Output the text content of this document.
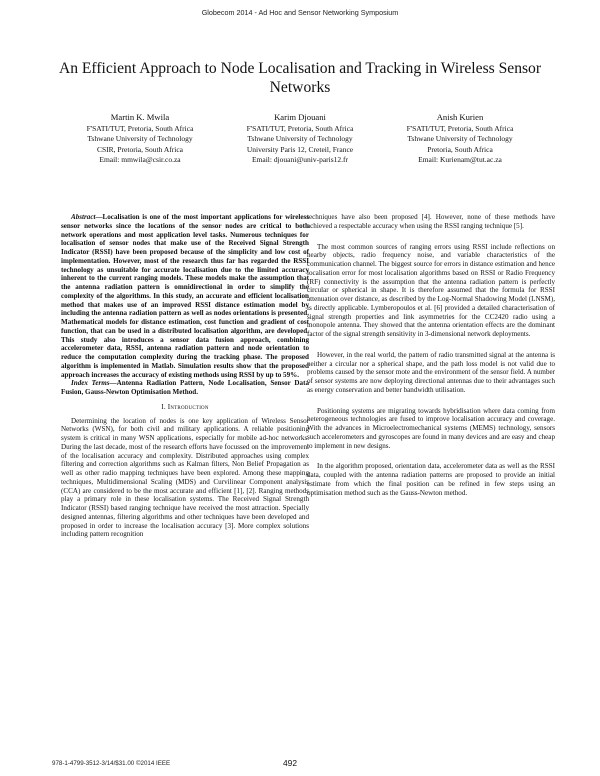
Globecom 2014 - Ad Hoc and Sensor Networking Symposium
An Efficient Approach to Node Localisation and Tracking in Wireless Sensor Networks
Martin K. Mwila
F'SATI/TUT, Pretoria, South Africa
Tshwane University of Technology
CSIR, Pretoria, South Africa
Email: mmwila@csir.co.za
Karim Djouani
F'SATI/TUT, Pretoria, South Africa
Tshwane University of Technology
University Paris 12, Creteil, France
Email: djouani@univ-paris12.fr
Anish Kurien
F'SATI/TUT, Pretoria, South Africa
Tshwane University of Technology
Pretoria, South Africa
Email: Kurienam@tut.ac.za

Abstract—Localisation is one of the most important applications for wireless sensor networks since the locations of the sensor nodes are critical to both network operations and most application level tasks. Numerous techniques for localisation of sensor nodes that make use of the Received Signal Strength Indicator (RSSI) have been proposed because of the simplicity and low cost of implementation. However, most of the research thus far has regarded the RSSI technology as unsuitable for accurate localisation due to the limited accuracy inherent to the current ranging models. These models make the assumption that the antenna radiation pattern is omnidirectional in order to simplify the complexity of the algorithms. In this study, an accurate and efficient localisation method that makes use of an improved RSSI distance estimation model by including the antenna radiation pattern as well as nodes orientations is presented. Mathematical models for distance estimation, cost function and gradient of cost function, that can be used in a distributed localisation algorithm, are developed. This study also introduces a sensor data fusion approach, combining accelerometer data, RSSI, antenna radiation pattern and node orientation to reduce the computation complexity during the tracking phase. The proposed algorithm is implemented in Matlab. Simulation results show that the proposed approach increases the accuracy of existing methods using RSSI by up to 59%.

Index Terms—Antenna Radiation Pattern, Node Localisation, Sensor Data Fusion, Gauss-Newton Optimisation Method.

I. Introduction

Determining the location of nodes is one key application of Wireless Sensor Networks (WSN), for both civil and military applications. A reliable positioning system is critical in many WSN applications, especially for mobile ad-hoc networks. During the last decade, most of the research efforts have focussed on the improvement of the localisation accuracy and complexity. Distributed approaches using complex filtering and correction algorithms such as Kalman filters, Non Belief Propagation as well as other radio mapping techniques have been explored. Among these mapping techniques, Multidimensional Scaling (MDS) and Curvilinear Component analysis (CCA) are considered to be the most accurate and efficient [1], [2]. Ranging methods play a primary role in these localisation systems. The Received Signal Strength Indicator (RSSI) based ranging technique have received the most attraction. Specially designed antennas, filtering algorithms and other techniques have been developed and proposed in order to increase the localisation accuracy [3]. More complex solutions including pattern recognition

techniques have also been proposed [4]. However, none of these methods have achieved a respectable accuracy when using the RSSI ranging technique [5].

The most common sources of ranging errors using RSSI include reflections on nearby objects, radio frequency noise, and variable characteristics of the communication channel. The biggest source for errors in distance estimation and hence localisation error for most localisation algorithms based on RSSI or Radio Frequency (RF) connectivity is the assumption that the antenna radiation pattern is perfectly circular or spherical in shape. It is therefore assumed that the formula for RSSI attenuation over distance, as described by the Log-Normal Shadowing Model (LNSM), is directly applicable. Lymberopoulos et al. [6] provided a detailed characterisation of signal strength properties and link asymmetries for the CC2420 radio using a monopole antenna. They showed that the antenna orientation effects are the dominant factor of the signal strength sensitivity in 3-dimensional network deployments.

However, in the real world, the pattern of radio transmitted signal at the antenna is neither a circular nor a spherical shape, and the path loss model is not valid due to problems caused by the sensor mote and the environment of the sensor field. A number of sensor systems are now deploying directional antennas due to their advantages such as energy conservation and better bandwidth utilisation.

Positioning systems are migrating towards hybridisation where data coming from heterogeneous technologies are fused to improve localisation accuracy and coverage. With the advances in Microelectromechanical systems (MEMS) technology, sensors such accelerometers and gyroscopes are found in many devices and are easy and cheap to implement in new designs.

In the algorithm proposed, orientation data, accelerometer data as well as the RSSI data, coupled with the antenna radiation patterns are proposed to provide an initial estimate from which the final position can be refined in few steps using an optimisation method such as the Gauss-Newton method.

978-1-4799-3512-3/14/$31.00 ©2014 IEEE	492
